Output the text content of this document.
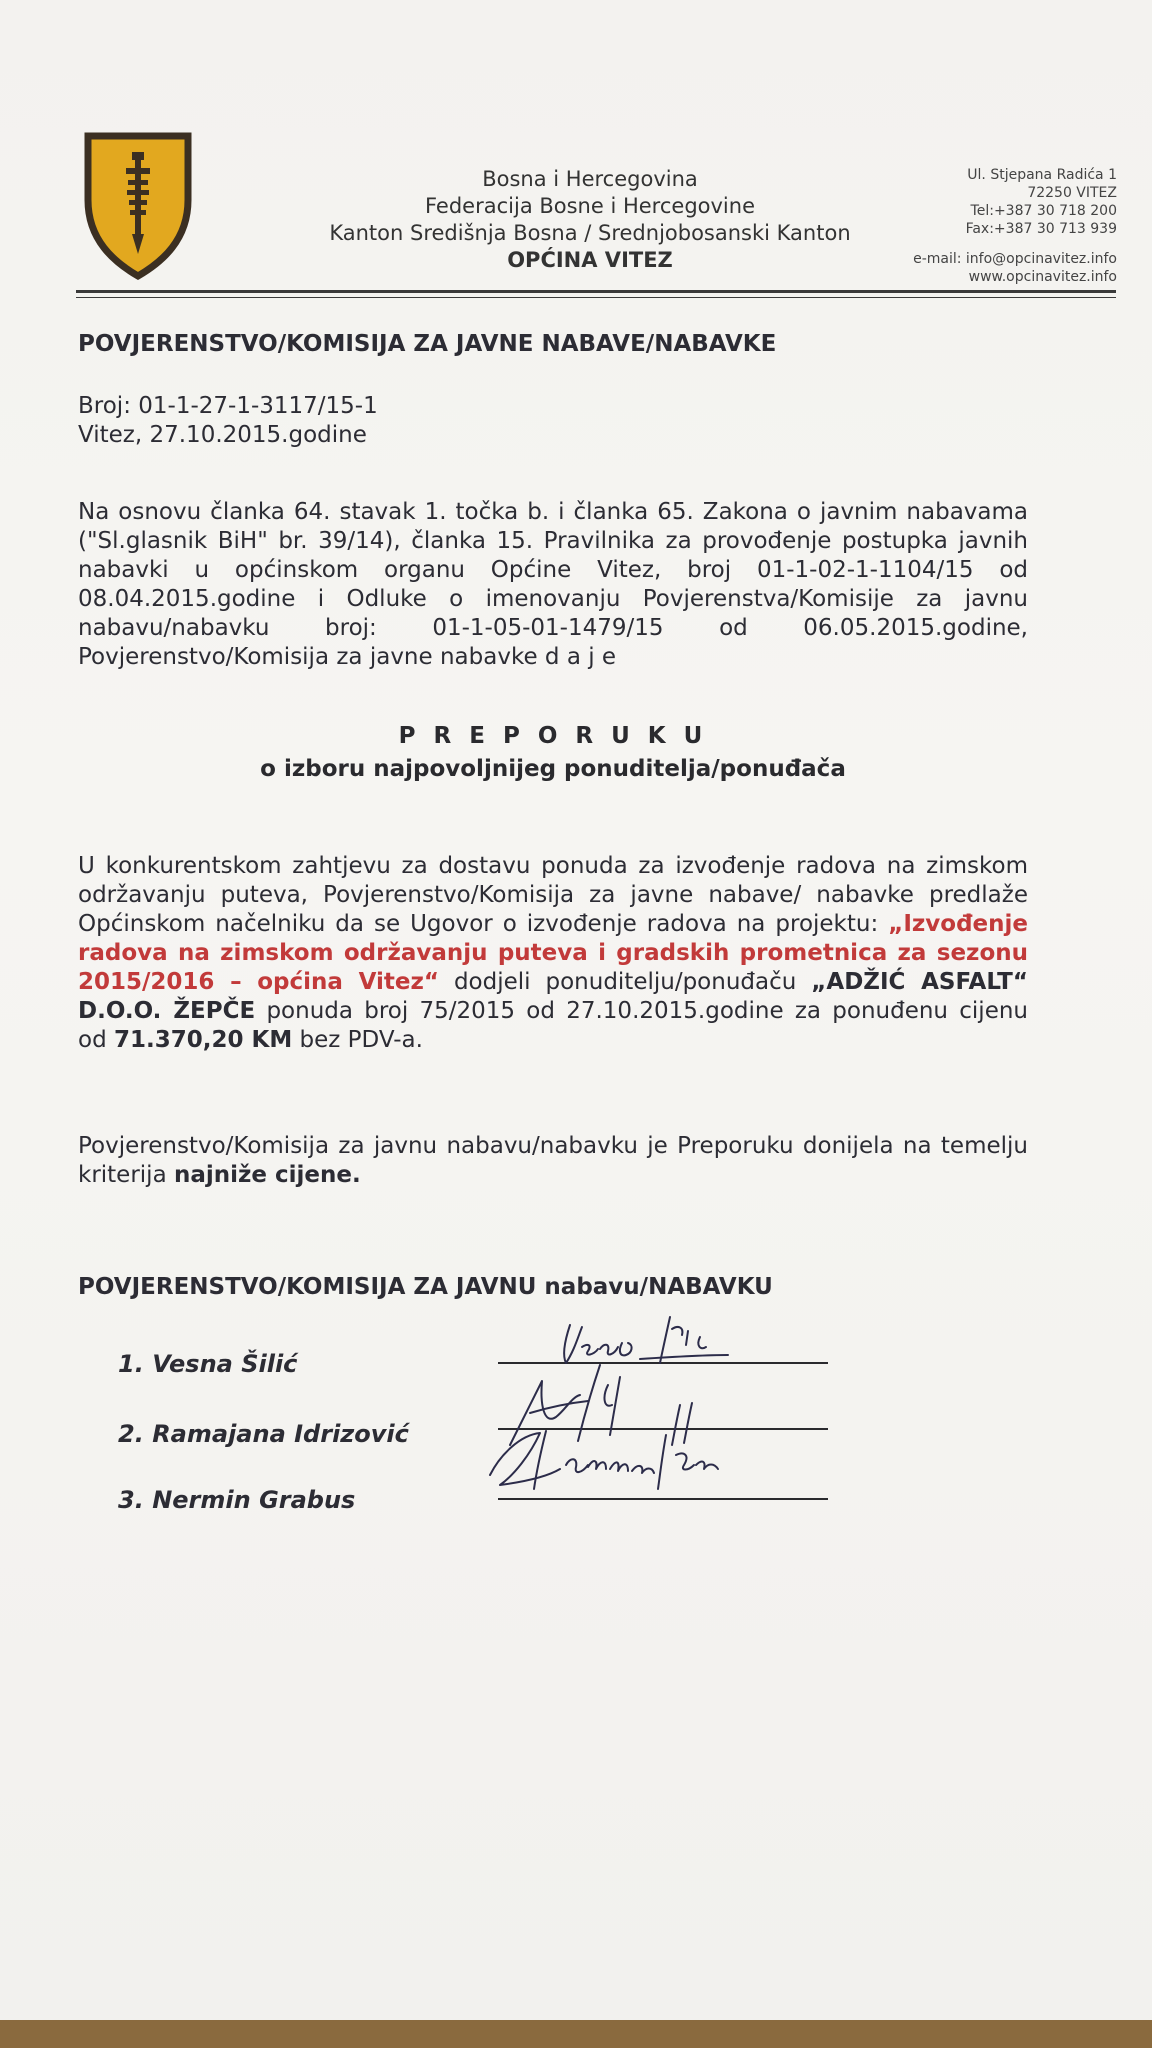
Bosna i Hercegovina
Federacija Bosne i Hercegovine
Kanton Središnja Bosna / Srednjobosanski Kanton
OPĆINA VITEZ
Ul. Stjepana Radića 1
72250 VITEZ
Tel:+387 30 718 200
Fax:+387 30 713 939
e-mail: info@opcinavitez.info
www.opcinavitez.info
POVJERENSTVO/KOMISIJA ZA JAVNE NABAVE/NABAVKE
Broj: 01-1-27-1-3117/15-1
Vitez, 27.10.2015.godine
Na osnovu članka 64. stavak 1. točka b. i članka 65. Zakona o javnim nabavama ("Sl.glasnik BiH" br. 39/14), članka 15. Pravilnika za provođenje postupka javnih nabavki u općinskom organu Općine Vitez, broj 01-1-02-1-1104/15 od 08.04.2015.godine i Odluke o imenovanju Povjerenstva/Komisije za javnu nabavu/nabavku broj: 01-1-05-01-1479/15 od 06.05.2015.godine, Povjerenstvo/Komisija za javne nabavke d a j e
P R E P O R U K U
o izboru najpovoljnijeg ponuditelja/ponuđača
U konkurentskom zahtjevu za dostavu ponuda za izvođenje radova na zimskom održavanju puteva, Povjerenstvo/Komisija za javne nabave/ nabavke predlaže Općinskom načelniku da se Ugovor o izvođenje radova na projektu: „Izvođenje radova na zimskom održavanju puteva i gradskih prometnica za sezonu 2015/2016 – općina Vitez“ dodjeli ponuditelju/ponuđaču „ADŽIĆ ASFALT“ D.O.O. ŽEPČE ponuda broj 75/2015 od 27.10.2015.godine za ponuđenu cijenu od 71.370,20 KM bez PDV-a.
Povjerenstvo/Komisija za javnu nabavu/nabavku je Preporuku donijela na temelju kriterija najniže cijene.
POVJERENSTVO/KOMISIJA ZA JAVNU nabavu/NABAVKU
1. Vesna Šilić
2. Ramajana Idrizović
3. Nermin Grabus
